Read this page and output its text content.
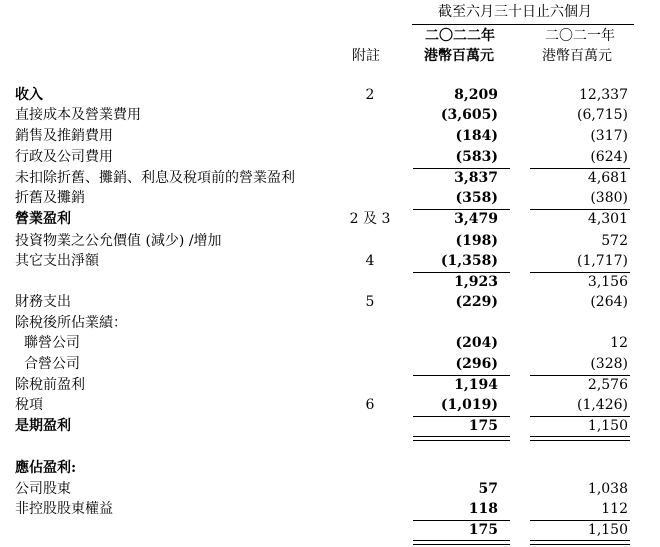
截至六月三十日止六個月
二〇二二年	二〇二一年
附註	港幣百萬元	港幣百萬元
收入	2	8,209	12,337
直接成本及營業費用	(3,605)	(6,715)
銷售及推銷費用	(184)	(317)
行政及公司費用	(583)	(624)
未扣除折舊、攤銷、利息及稅項前的營業盈利	3,837	4,681
折舊及攤銷	(358)	(380)
營業盈利	2 及 3	3,479	4,301
投資物業之公允價值 (減少) /增加	(198)	572
其它支出淨額	4	(1,358)	(1,717)
1,923	3,156
財務支出	5	(229)	(264)
除稅後所佔業績：
聯營公司	(204)	12
合營公司	(296)	(328)
除稅前盈利	1,194	2,576
稅項	6	(1,019)	(1,426)
是期盈利	175	1,150
應佔盈利:
公司股東	57	1,038
非控股股東權益	118	112
175	1,150
